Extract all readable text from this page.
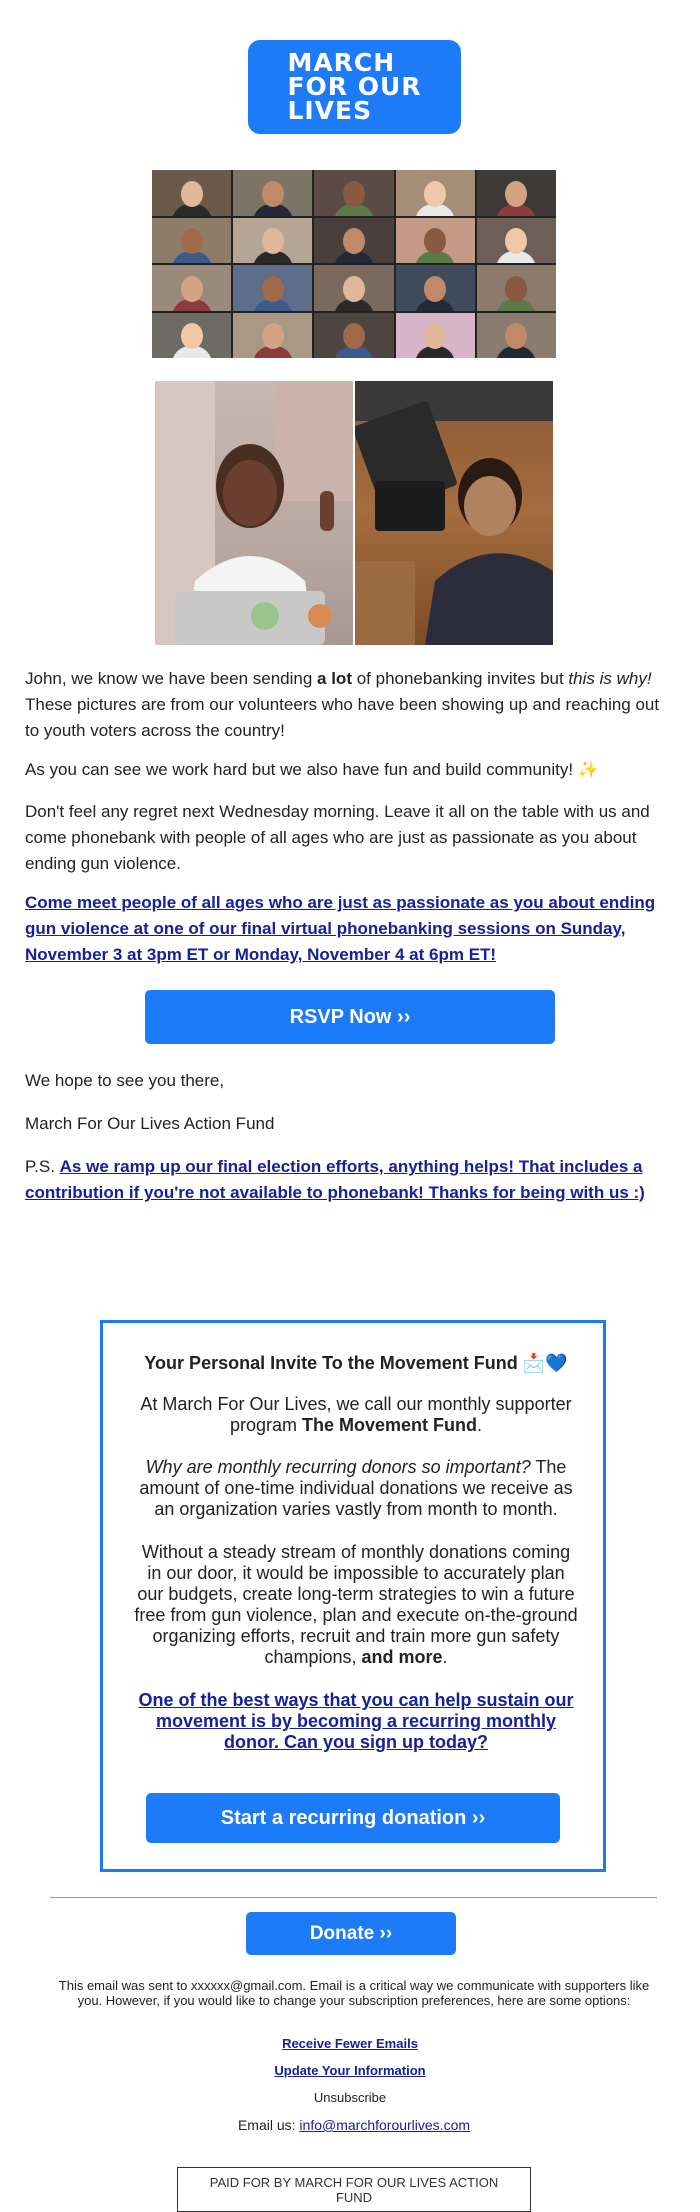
MARCH
FOR OUR
LIVES
John, we know we have been sending a lot of phonebanking invites but this is why! These pictures are from our volunteers who have been showing up and reaching out to youth voters across the country!
As you can see we work hard but we also have fun and build community! ✨
Don't feel any regret next Wednesday morning. Leave it all on the table with us and come phonebank with people of all ages who are just as passionate as you about ending gun violence.
Come meet people of all ages who are just as passionate as you about ending gun violence at one of our final virtual phonebanking sessions on Sunday, November 3 at 3pm ET or Monday, November 4 at 6pm ET!
RSVP Now ››
We hope to see you there,
March For Our Lives Action Fund
P.S. As we ramp up our final election efforts, anything helps! That includes a contribution if you're not available to phonebank! Thanks for being with us :)
Your Personal Invite To the Movement Fund 📩💙
At March For Our Lives, we call our monthly supporter program The Movement Fund.
Why are monthly recurring donors so important? The amount of one-time individual donations we receive as an organization varies vastly from month to month.
Without a steady stream of monthly donations coming in our door, it would be impossible to accurately plan our budgets, create long-term strategies to win a future free from gun violence, plan and execute on-the-ground organizing efforts, recruit and train more gun safety champions, and more.
One of the best ways that you can help sustain our movement is by becoming a recurring monthly donor. Can you sign up today?
Start a recurring donation ››
Donate ››
This email was sent to xxxxxx@gmail.com. Email is a critical way we communicate with supporters like you. However, if you would like to change your subscription preferences, here are some options:
Receive Fewer Emails
Update Your Information
Unsubscribe
Email us: info@marchforourlives.com
PAID FOR BY MARCH FOR OUR LIVES ACTION FUND
